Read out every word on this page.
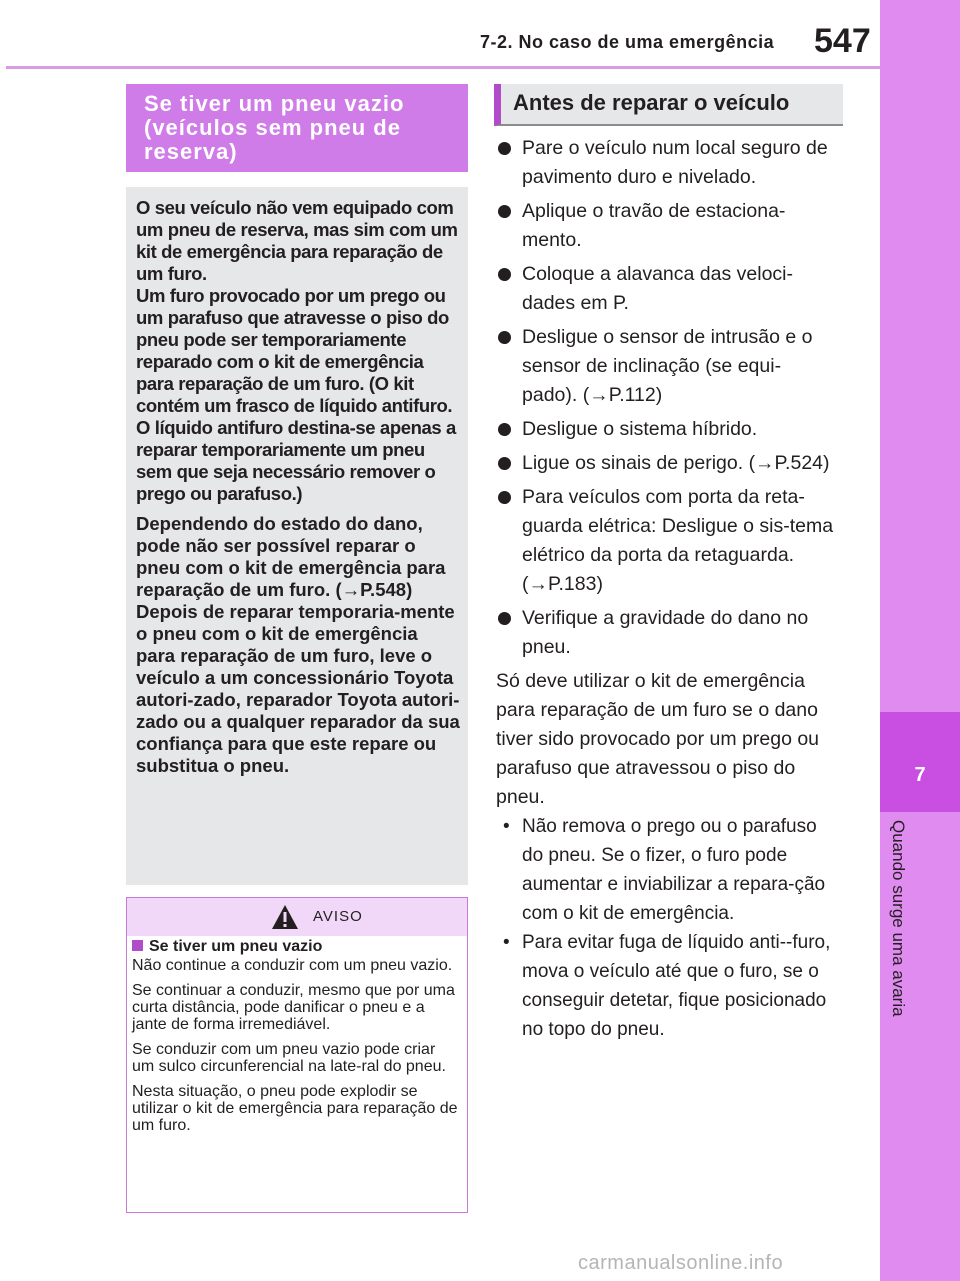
7-2. No caso de uma emergência 547
7
Quando surge uma avaria
Se tiver um pneu vazio (veículos sem pneu de reserva)

O seu veículo não vem equipado com um pneu de reserva, mas sim com um kit de emergência para reparação de um furo.
Um furo provocado por um prego ou um parafuso que atravesse o piso do pneu pode ser temporariamente reparado com o kit de emergência para reparação de um furo. (O kit contém um frasco de líquido antifuro. O líquido antifuro destina-se apenas a reparar temporariamente um pneu sem que seja necessário remover o prego ou parafuso.)

Dependendo do estado do dano, pode não ser possível reparar o pneu com o kit de emergência para reparação de um furo. (→P.548)
Depois de reparar temporaria-mente o pneu com o kit de emergência para reparação de um furo, leve o veículo a um concessionário Toyota autori-zado, reparador Toyota autori-zado ou a qualquer reparador da sua confiança para que este repare ou substitua o pneu.

AVISO

Se tiver um pneu vazio

Não continue a conduzir com um pneu vazio.

Se continuar a conduzir, mesmo que por uma curta distância, pode danificar o pneu e a jante de forma irremediável.

Se conduzir com um pneu vazio pode criar um sulco circunferencial na late-ral do pneu.

Nesta situação, o pneu pode explodir se utilizar o kit de emergência para reparação de um furo.

Antes de reparar o veículo
Pare o veículo num local seguro de pavimento duro e nivelado.
Aplique o travão de estaciona-mento.
Coloque a alavanca das veloci-dades em P.
Desligue o sensor de intrusão e o sensor de inclinação (se equi-pado). (→P.112)
Desligue o sistema híbrido.
Ligue os sinais de perigo. (→P.524)
Para veículos com porta da reta-guarda elétrica: Desligue o sis-tema elétrico da porta da retaguarda. (→P.183)
Verifique a gravidade do dano no pneu.

Só deve utilizar o kit de emergência para reparação de um furo se o dano tiver sido provocado por um prego ou parafuso que atravessou o piso do pneu.

• Não remova o prego ou o parafuso do pneu. Se o fizer, o furo pode aumentar e inviabilizar a repara-ção com o kit de emergência.
• Para evitar fuga de líquido anti--furo, mova o veículo até que o furo, se o conseguir detetar, fique posicionado no topo do pneu.
carmanualsonline.info
